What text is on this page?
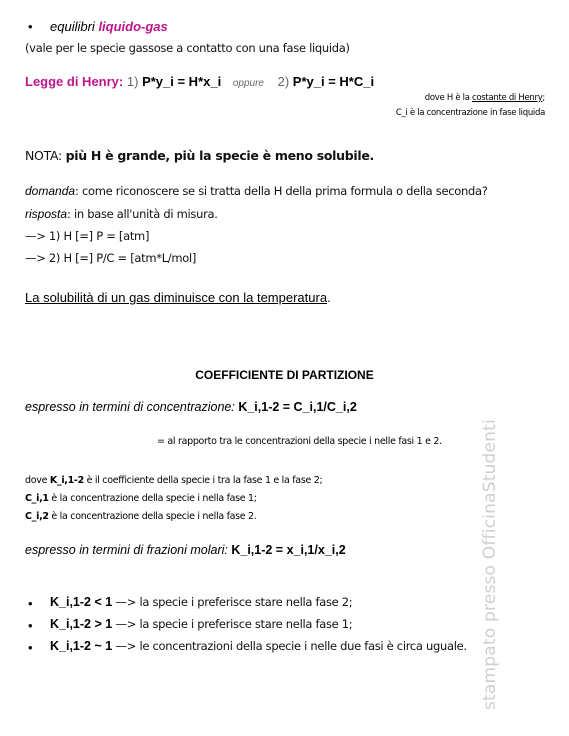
• equilibri liquido-gas
(vale per le specie gassose a contatto con una fase liquida)
Legge di Henry: 1) P*y_i = H*x_i oppure 2) P*y_i = H*C_i
dove H è la costante di Henry;
C_i è la concentrazione in fase liquida
NOTA: più H è grande, più la specie è meno solubile.
domanda: come riconoscere se si tratta della H della prima formula o della seconda?
risposta: in base all'unità di misura.
—> 1) H [=] P = [atm]
—> 2) H [=] P/C = [atm*L/mol]
La solubilità di un gas diminuisce con la temperatura.
COEFFICIENTE DI PARTIZIONE
espresso in termini di concentrazione: K_i,1-2 = C_i,1/C_i,2
= al rapporto tra le concentrazioni della specie i nelle fasi 1 e 2.
dove K_i,1-2 è il coefficiente della specie i tra la fase 1 e la fase 2;
C_i,1 è la concentrazione della specie i nella fase 1;
C_i,2 è la concentrazione della specie i nella fase 2.
espresso in termini di frazioni molari: K_i,1-2 = x_i,1/x_i,2
• K_i,1-2 < 1 —> la specie i preferisce stare nella fase 2;
• K_i,1-2 > 1 —> la specie i preferisce stare nella fase 1;
• K_i,1-2 ~ 1 —> le concentrazioni della specie i nelle due fasi è circa uguale. stampato presso OfficinaStudenti
